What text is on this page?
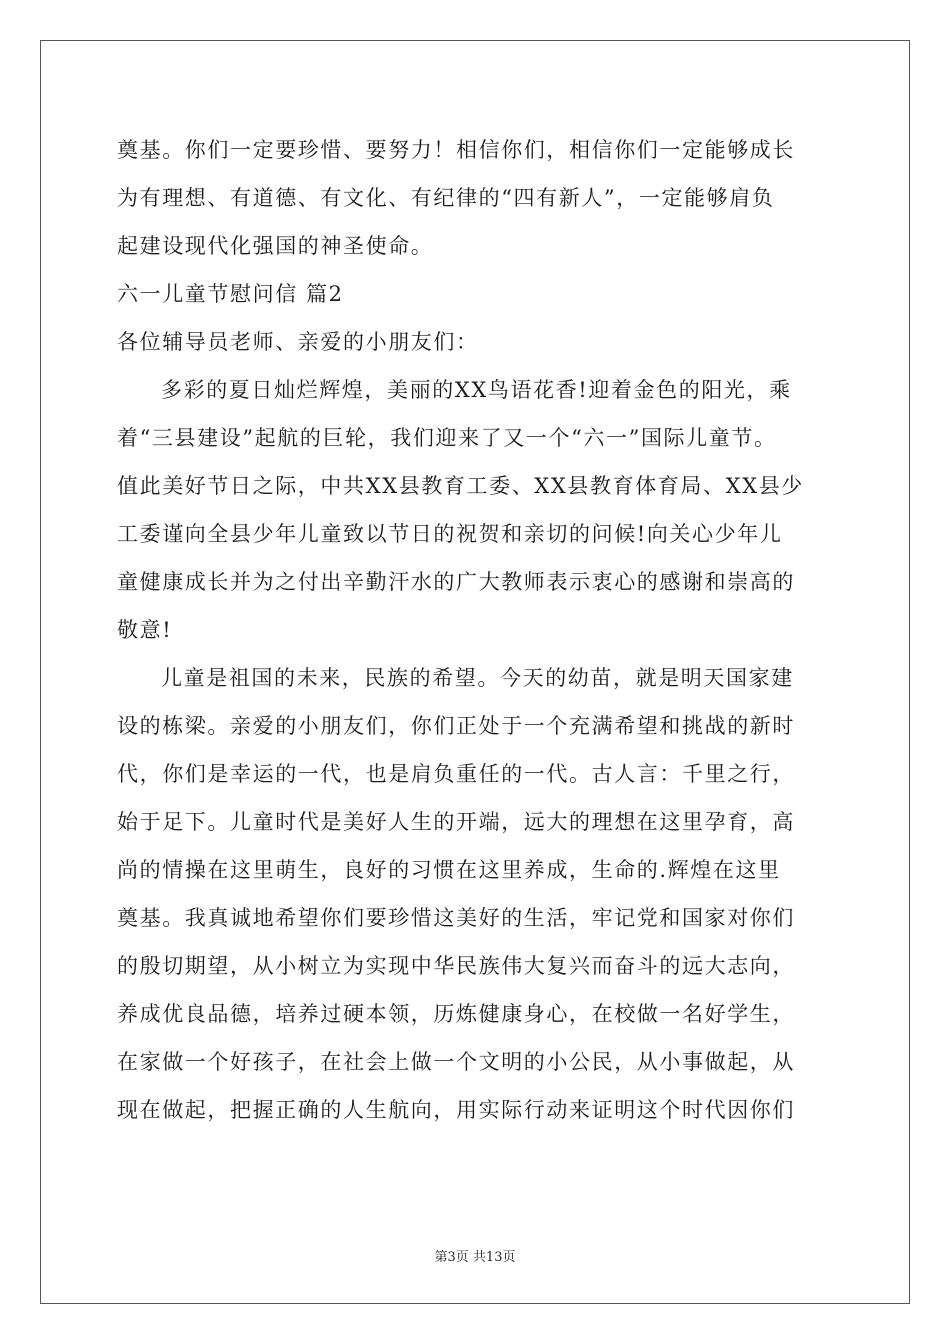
奠基。你们一定要珍惜、要努力！相信你们，相信你们一定能够成长
为有理想、有道德、有文化、有纪律的“四有新人”，一定能够肩负
起建设现代化强国的神圣使命。
六一儿童节慰问信 篇2
各位辅导员老师、亲爱的小朋友们：
多彩的夏日灿烂辉煌，美丽的XX鸟语花香!迎着金色的阳光，乘
着“三县建设”起航的巨轮，我们迎来了又一个“六一”国际儿童节。
值此美好节日之际，中共XX县教育工委、XX县教育体育局、XX县少
工委谨向全县少年儿童致以节日的祝贺和亲切的问候!向关心少年儿
童健康成长并为之付出辛勤汗水的广大教师表示衷心的感谢和崇高的
敬意!
儿童是祖国的未来，民族的希望。今天的幼苗，就是明天国家建
设的栋梁。亲爱的小朋友们，你们正处于一个充满希望和挑战的新时
代，你们是幸运的一代，也是肩负重任的一代。古人言：千里之行，
始于足下。儿童时代是美好人生的开端，远大的理想在这里孕育，高
尚的情操在这里萌生，良好的习惯在这里养成，生命的.辉煌在这里
奠基。我真诚地希望你们要珍惜这美好的生活，牢记党和国家对你们
的殷切期望，从小树立为实现中华民族伟大复兴而奋斗的远大志向，
养成优良品德，培养过硬本领，历炼健康身心，在校做一名好学生，
在家做一个好孩子，在社会上做一个文明的小公民，从小事做起，从
现在做起，把握正确的人生航向，用实际行动来证明这个时代因你们
第3页 共13页
